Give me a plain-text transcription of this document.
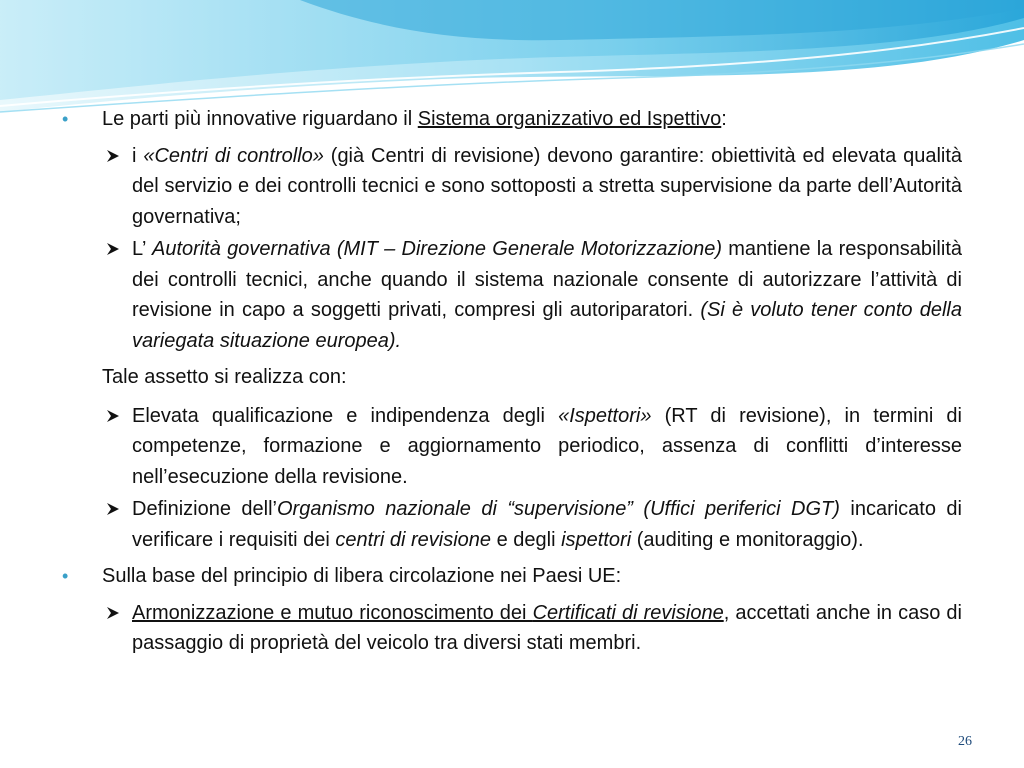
• Le parti più innovative riguardano il Sistema organizzativo ed Ispettivo:
i «Centri di controllo» (già Centri di revisione) devono garantire: obiettività ed elevata qualità del servizio e dei controlli tecnici e sono sottoposti a stretta supervisione da parte dell’Autorità governativa;
L’ Autorità governativa (MIT – Direzione Generale Motorizzazione) mantiene la responsabilità dei controlli tecnici, anche quando il sistema nazionale consente di autorizzare l’attività di revisione in capo a soggetti privati, compresi gli autoriparatori. (Si è voluto tener conto della variegata situazione europea).
Tale assetto si realizza con:
Elevata qualificazione e indipendenza degli «Ispettori» (RT di revisione), in termini di competenze, formazione e aggiornamento periodico, assenza di conflitti d’interesse nell’esecuzione della revisione.
Definizione dell’Organismo nazionale di “supervisione” (Uffici periferici DGT) incaricato di verificare i requisiti dei centri di revisione e degli ispettori (auditing e monitoraggio).
• Sulla base del principio di libera circolazione nei Paesi UE:
Armonizzazione e mutuo riconoscimento dei Certificati di revisione, accettati anche in caso di passaggio di proprietà del veicolo tra diversi stati membri.
26
